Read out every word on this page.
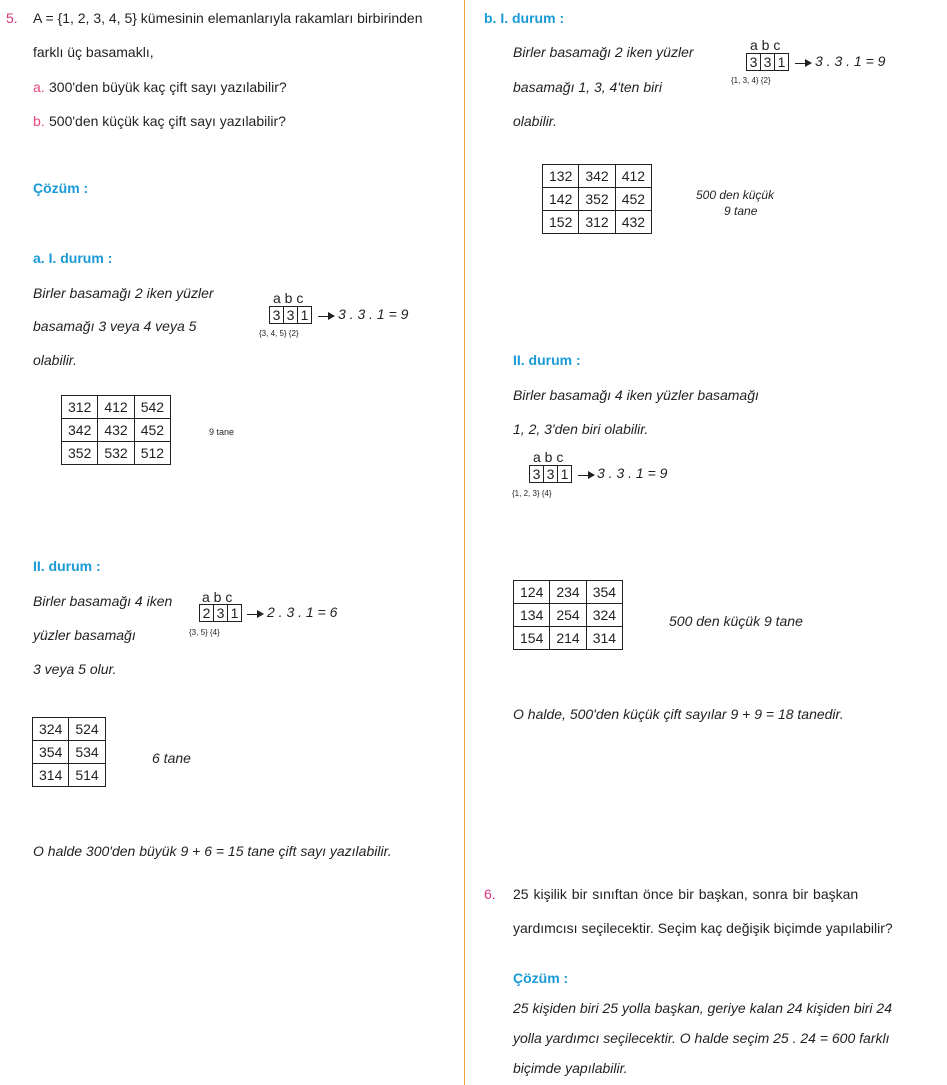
5. A = {1, 2, 3, 4, 5} kümesinin elemanlarıyla rakamları birbirinden
farklı üç basamaklı,
a. 300'den büyük kaç çift sayı yazılabilir?
b. 500'den küçük kaç çift sayı yazılabilir?
Çözüm :
a. I. durum :
Birler basamağı 2 iken yüzler
basamağı 3 veya 4 veya 5
olabilir.
a b c
3 3 1 3 . 3 . 1 = 9
{3, 4, 5} {2}
312	412	542
342	432	452
352	532	512
9 tane
II. durum :
Birler basamağı 4 iken
yüzler basamağı
3 veya 5 olur.
a b c
2 3 1 2 . 3 . 1 = 6
{3, 5} {4}
324	524
354	534
314	514
6 tane
O halde 300'den büyük 9 + 6 = 15 tane çift sayı yazılabilir.
b. I. durum :
Birler basamağı 2 iken yüzler
basamağı 1, 3, 4'ten biri
olabilir.
a b c
3 3 1 3 . 3 . 1 = 9
{1, 3, 4} {2}
132	342	412
142	352	452
152	312	432
500 den küçük
9 tane
II. durum :
Birler basamağı 4 iken yüzler basamağı
1, 2, 3'den biri olabilir.
a b c
3 3 1 3 . 3 . 1 = 9
{1, 2, 3} {4}
124	234	354
134	254	324
154	214	314
500 den küçük 9 tane
O halde, 500'den küçük çift sayılar 9 + 9 = 18 tanedir.
6. 25 kişilik bir sınıftan önce bir başkan, sonra bir başkan
yardımcısı seçilecektir. Seçim kaç değişik biçimde yapılabilir?
Çözüm :
25 kişiden biri 25 yolla başkan, geriye kalan 24 kişiden biri 24
yolla yardımcı seçilecektir. O halde seçim 25 . 24 = 600 farklı
biçimde yapılabilir.
